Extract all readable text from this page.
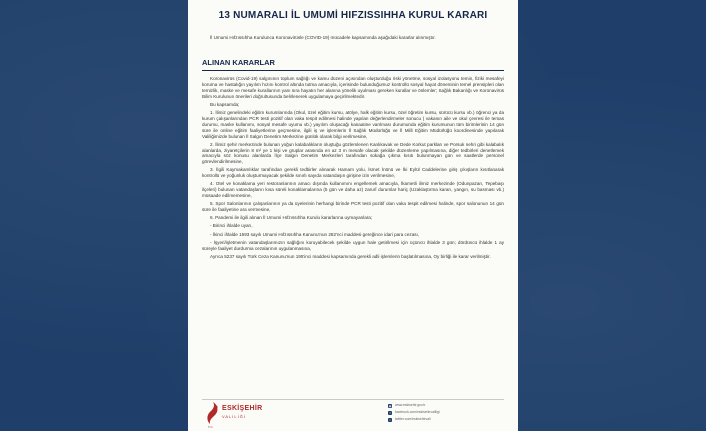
13 NUMARALI İL UMUMİ HIFZISSIHHA KURUL KARARI

İl Umumi Hıfzıssıhha Kurulunca Koronavirüsle (COVID-19) mücadele kapsamında aşağıdaki kararlar alınmıştır.

ALINAN KARARLAR

Koronavirüs (Covid-19) salgınının toplum sağlığı ve kamu düzeni açısından oluşturduğu riski yönetme, sosyal izolasyonu temin, fiziki mesafeyi koruma ve hastalığın yayılım hızını kontrol altında tutma amacıyla, içerisinde bulunduğumuz kontrollü sosyal hayat döneminin temel prensipleri olan temizlik, maske ve mesafe kurallarının yanı sıra hayatın her alanına yönelik uyulması gereken kurallar ve önlemler; Sağlık Bakanlığı ve Koronavirüs Bilim Kurulunun önerileri doğrultusunda belirlenerek uygulamaya geçirilmektedir.

Bu kapsamda;

1. İlimiz genelindeki eğitim kurumlarında (Okul, özel eğitim kursu, atölye, halk eğitim kursu, özel öğretim kursu, sürücü kursu vb.) öğrenci ya da kurum çalışanlarından PCR testi pozitif olan vaka tespit edilmesi halinde yapılan değerlendirmeler sonucu ( vakanın aile ve okul çevresi ile temas durumu, maske kullanımı, sosyal mesafe uyumu vb.) yayılım oluşacağı kanaatine varılması durumunda eğitim kurumunun tüm birimlerinin 14 gün süre ile online eğitim faaliyetlerine geçmesine, ilgili iş ve işlemlerin İl Sağlık Müdürlüğü ve İl Milli Eğitim Müdürlüğü koordinesinde yapılarak Valiliğimizde bulunan İl Salgın Denetim Merkezine günlük olarak bilgi verilmesine,

2. İlimiz şehir merkezinde bulunan yoğun kalabalıkların oluştuğu gözlemlenen Kanlıkavak ve Dede Korkut parkları ve Porsuk nehri gibi kalabalık alanlarda, ziyaretçilerin 8 m² ye 1 kişi ve gruplar arasında en az 3 m mesafe olacak şekilde düzenleme yapılmasına, diğer tedbirleri denetlemek amacıyla söz konusu alanlarda İlçe Salgın Denetim Merkezleri tarafından sokağa çıkma kısıtı bulunmayan gün ve saatlerde personel görevlendirilmesine,

3. İlgili Kaymakamlıklar tarafından gerekli tedbirler alınarak Hamam yolu, İsmet İnönü ve İki Eylül Caddelerine giriş çıkışların kısıtlanarak kontrollü ve yoğunluk oluşturmayacak şekilde sınırlı sayıda vatandaşın girişine izin verilmesine,

4. Otel ve konaklama yeri restoranlarının amacı dışında kullanımını engellemek amacıyla, İkametli ilimiz merkezinde (Odunpazarı, Tepebaşı ilçeleri) bulunan vatandaşların kısa süreli konaklamalarına (5 gün ve daha az) zarurî durumlar hariç (Uzaklaştırma kararı, yangın, su basması vb.) müsaade edilmemesine,

5. Spor Salonlarının çalışanlarının ya da üyelerinin herhangi birinde PCR testi pozitif olan vaka tespit edilmesi halinde, spor salonunun 14 gün süre ile faaliyetine ara vermesine,

6. Pandemi ile ilgili alınan İl Umumi Hıfzıssıhha Kurulu kararlarına uymayanlara;

- Birinci ihlalde uyarı,

- İkinci ihlalde 1593 sayılı Umumi Hıfzıssıhha Kanunu'nun 282'nci maddesi gereğince idari para cezası,

- İşyeri/işletmenin vatandaşlarımızın sağlığını koruyabilecek şekilde uygun hale getirilmesi için üçüncü ihlalde 3 gün; dördüncü ihlalde 1 ay süreyle faaliyet durdurma cezalarının uygulanmasına,

Ayrıca 5237 sayılı Türk Ceza Kanunu'nun 195'inci maddesi kapsamında gerekli adli işlemlerin başlatılmasına, Oy birliği ile karar verilmiştir.

T.C.
ESKİŞEHİR
VALİLİĞİ
◉ www.eskisehir.gov.tr
f	facebook.com/eskisehirvaliligi
t	twitter.com/eskisehirvali
